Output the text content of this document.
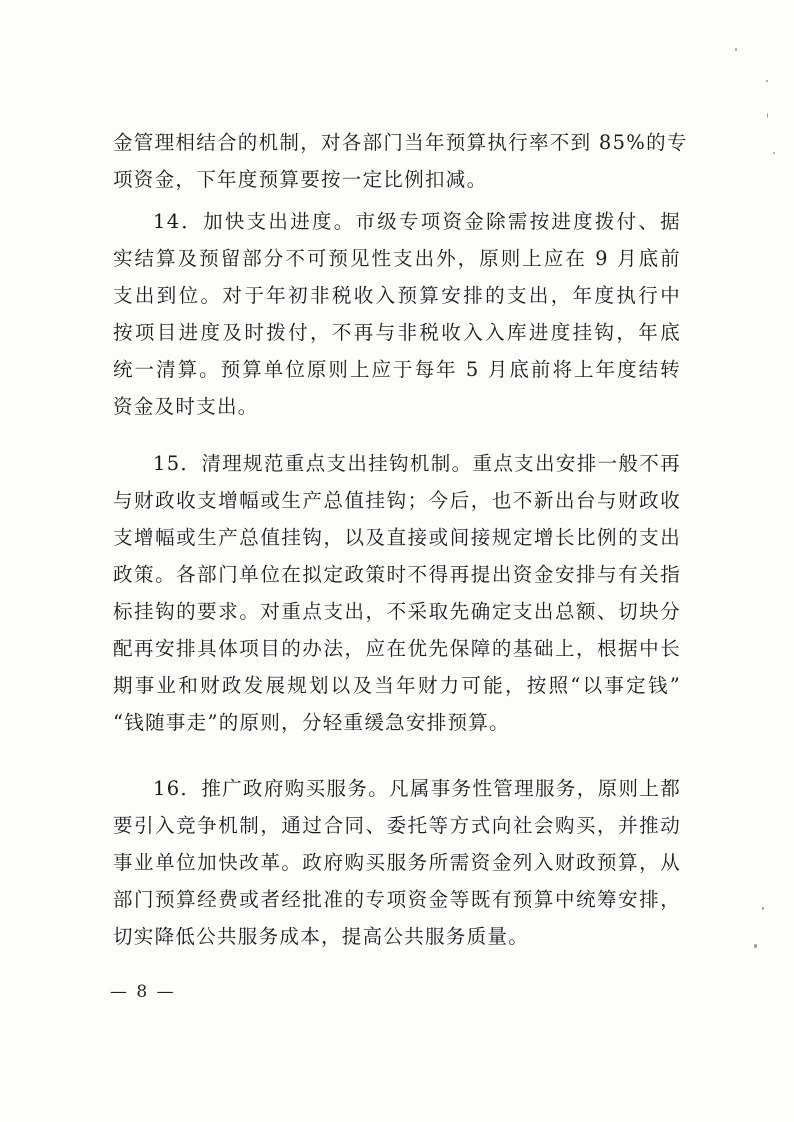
金管理相结合的机制，对各部门当年预算执行率不到 85%的专
项资金，下年度预算要按一定比例扣减。
14．加快支出进度。市级专项资金除需按进度拨付、据
实结算及预留部分不可预见性支出外，原则上应在 9 月底前
支出到位。对于年初非税收入预算安排的支出，年度执行中
按项目进度及时拨付，不再与非税收入入库进度挂钩，年底
统一清算。预算单位原则上应于每年 5 月底前将上年度结转
资金及时支出。
15．清理规范重点支出挂钩机制。重点支出安排一般不再
与财政收支增幅或生产总值挂钩；今后，也不新出台与财政收
支增幅或生产总值挂钩，以及直接或间接规定增长比例的支出
政策。各部门单位在拟定政策时不得再提出资金安排与有关指
标挂钩的要求。对重点支出，不采取先确定支出总额、切块分
配再安排具体项目的办法，应在优先保障的基础上，根据中长
期事业和财政发展规划以及当年财力可能，按照“以事定钱”
“钱随事走”的原则，分轻重缓急安排预算。
16．推广政府购买服务。凡属事务性管理服务，原则上都
要引入竞争机制，通过合同、委托等方式向社会购买，并推动
事业单位加快改革。政府购买服务所需资金列入财政预算，从
部门预算经费或者经批准的专项资金等既有预算中统筹安排，
切实降低公共服务成本，提高公共服务质量。
— 8 —
